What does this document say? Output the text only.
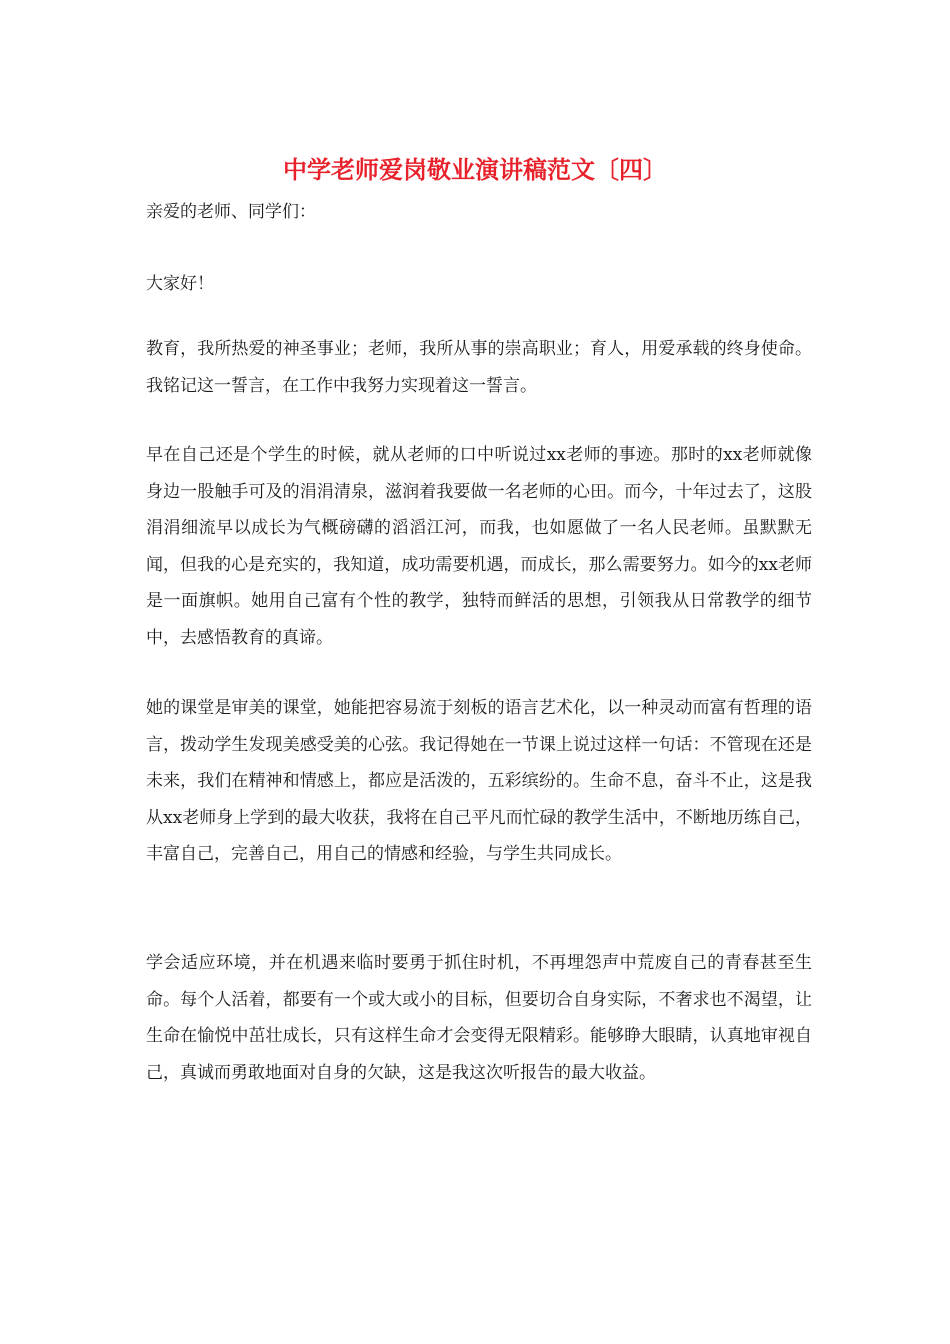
中学老师爱岗敬业演讲稿范文〔四〕

亲爱的老师、同学们：

大家好！

教育，我所热爱的神圣事业；老师，我所从事的崇高职业；育人，用爱承载的终身使命。我铭记这一誓言，在工作中我努力实现着这一誓言。

早在自己还是个学生的时候，就从老师的口中听说过xx老师的事迹。那时的xx老师就像身边一股触手可及的涓涓清泉，滋润着我要做一名老师的心田。而今，十年过去了，这股涓涓细流早以成长为气概磅礴的滔滔江河，而我，也如愿做了一名人民老师。虽默默无闻，但我的心是充实的，我知道，成功需要机遇，而成长，那么需要努力。如今的xx老师是一面旗帜。她用自己富有个性的教学，独特而鲜活的思想，引领我从日常教学的细节中，去感悟教育的真谛。

她的课堂是审美的课堂，她能把容易流于刻板的语言艺术化，以一种灵动而富有哲理的语言，拨动学生发现美感受美的心弦。我记得她在一节课上说过这样一句话：不管现在还是未来，我们在精神和情感上，都应是活泼的，五彩缤纷的。生命不息，奋斗不止，这是我从xx老师身上学到的最大收获，我将在自己平凡而忙碌的教学生活中，不断地历练自己，丰富自己，完善自己，用自己的情感和经验，与学生共同成长。

学会适应环境，并在机遇来临时要勇于抓住时机，不再埋怨声中荒废自己的青春甚至生命。每个人活着，都要有一个或大或小的目标，但要切合自身实际，不奢求也不渴望，让生命在愉悦中茁壮成长，只有这样生命才会变得无限精彩。能够睁大眼睛，认真地审视自己，真诚而勇敢地面对自身的欠缺，这是我这次听报告的最大收益。
